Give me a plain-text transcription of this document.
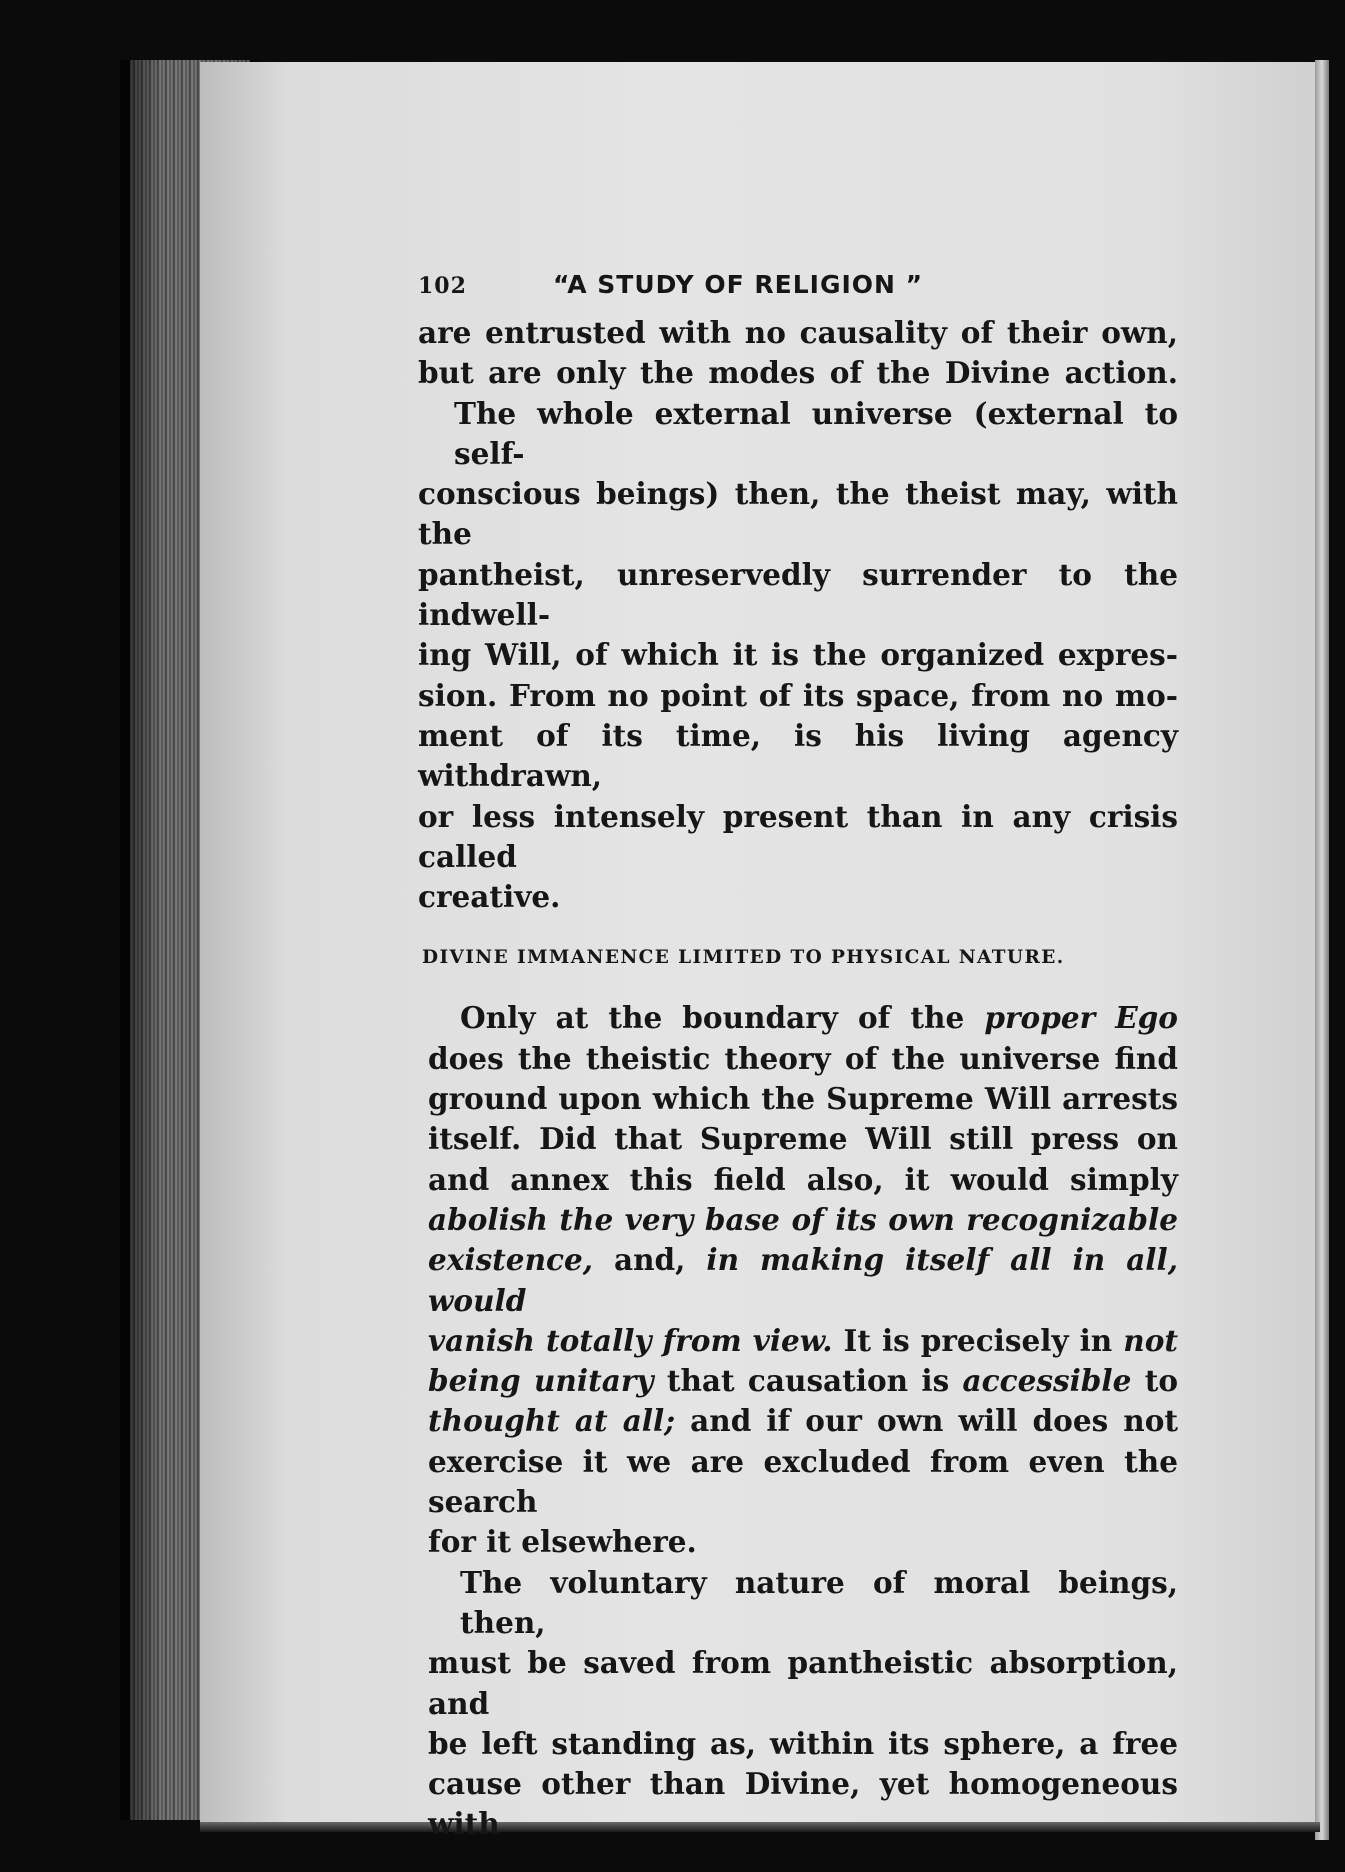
102	“A STUDY OF RELIGION ”
are entrusted with no causality of their own,
but are only the modes of the Divine action.
The whole external universe (external to self-
conscious beings) then, the theist may, with the
pantheist, unreservedly surrender to the indwell-
ing Will, of which it is the organized expres-
sion. From no point of its space, from no mo-
ment of its time, is his living agency withdrawn,
or less intensely present than in any crisis called
creative.
DIVINE IMMANENCE LIMITED TO PHYSICAL NATURE.
Only at the boundary of the proper Ego
does the theistic theory of the universe find
ground upon which the Supreme Will arrests
itself. Did that Supreme Will still press on
and annex this field also, it would simply
abolish the very base of its own recognizable
existence, and, in making itself all in all, would
vanish totally from view. It is precisely in not
being unitary that causation is accessible to
thought at all; and if our own will does not
exercise it we are excluded from even the search
for it elsewhere.
The voluntary nature of moral beings, then,
must be saved from pantheistic absorption, and
be left standing as, within its sphere, a free
cause other than Divine, yet homogeneous with
